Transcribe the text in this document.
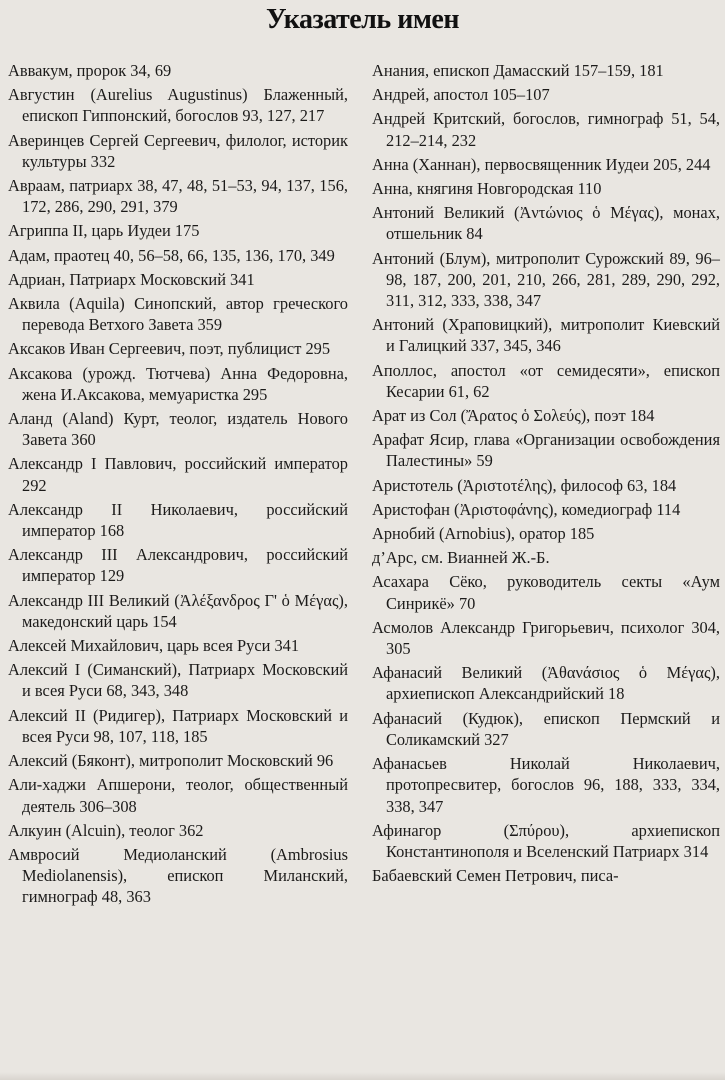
Указатель имен

Аввакум, пророк 34, 69

Августин (Aurelius Augustinus) Блаженный, епископ Гиппонский, богослов 93, 127, 217

Аверинцев Сергей Сергеевич, филолог, историк культуры 332

Авраам, патриарх 38, 47, 48, 51–53, 94, 137, 156, 172, 286, 290, 291, 379

Агриппа II, царь Иудеи 175

Адам, праотец 40, 56–58, 66, 135, 136, 170, 349

Адриан, Патриарх Московский 341

Аквила (Aquila) Синопский, автор греческого перевода Ветхого Завета 359

Аксаков Иван Сергеевич, поэт, публицист 295

Аксакова (урожд. Тютчева) Анна Федоровна, жена И.Аксакова, мемуаристка 295

Аланд (Aland) Курт, теолог, издатель Нового Завета 360

Александр I Павлович, российский император 292

Александр II Николаевич, российский император 168

Александр III Александрович, российский император 129

Александр III Великий (Ἀλέξανδρος Γ' ὁ Μέγας), македонский царь 154

Алексей Михайлович, царь всея Руси 341

Алексий I (Симанский), Патриарх Московский и всея Руси 68, 343, 348

Алексий II (Ридигер), Патриарх Московский и всея Руси 98, 107, 118, 185

Алексий (Бяконт), митрополит Московский 96

Али-хаджи Апшерони, теолог, общественный деятель 306–308

Алкуин (Alcuin), теолог 362

Амвросий Медиоланский (Ambrosius Mediolanensis), епископ Миланский, гимнограф 48, 363

Анания, епископ Дамасский 157–159, 181

Андрей, апостол 105–107

Андрей Критский, богослов, гимнограф 51, 54, 212–214, 232

Анна (Ханнан), первосвященник Иудеи 205, 244

Анна, княгиня Новгородская 110

Антоний Великий (Ἀντώνιος ὁ Μέγας), монах, отшельник 84

Антоний (Блум), митрополит Сурожский 89, 96–98, 187, 200, 201, 210, 266, 281, 289, 290, 292, 311, 312, 333, 338, 347

Антоний (Храповицкий), митрополит Киевский и Галицкий 337, 345, 346

Аполлос, апостол «от семидесяти», епископ Кесарии 61, 62

Арат из Сол (Ἄρατος ὁ Σολεύς), поэт 184

Арафат Ясир, глава «Организации освобождения Палестины» 59

Аристотель (Ἀριστοτέλης), философ 63, 184

Аристофан (Ἀριστοφάνης), комедиограф 114

Арнобий (Arnobius), оратор 185

д’Арс, см. Вианней Ж.-Б.

Асахара Сёко, руководитель секты «Аум Синрикё» 70

Асмолов Александр Григорьевич, психолог 304, 305

Афанасий Великий (Ἀθανάσιος ὁ Μέγας), архиепископ Александрийский 18

Афанасий (Кудюк), епископ Пермский и Соликамский 327

Афанасьев Николай Николаевич, протопресвитер, богослов 96, 188, 333, 334, 338, 347

Афинагор (Σπύρου), архиепископ Константинополя и Вселенский Патриарх 314

Бабаевский Семен Петрович, писа-
